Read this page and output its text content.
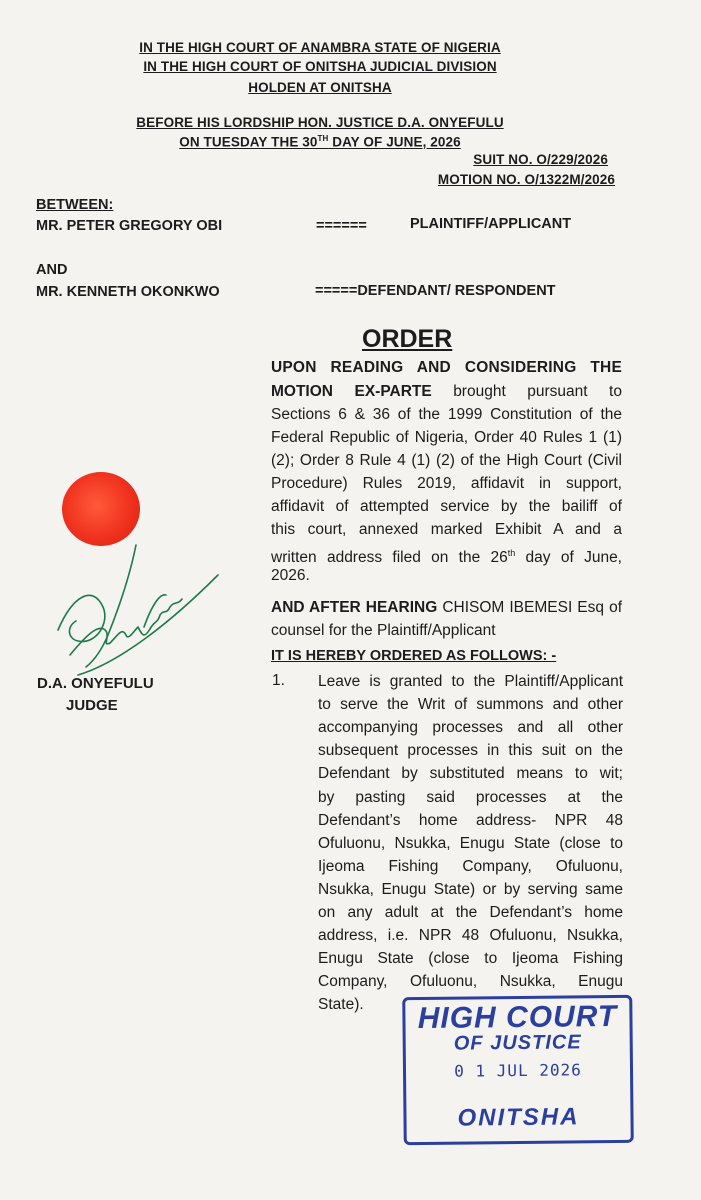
IN THE HIGH COURT OF ANAMBRA STATE OF NIGERIA
IN THE HIGH COURT OF ONITSHA JUDICIAL DIVISION
HOLDEN AT ONITSHA
BEFORE HIS LORDSHIP HON. JUSTICE D.A. ONYEFULU
ON TUESDAY THE 30TH DAY OF JUNE, 2026
SUIT NO. O/229/2026
MOTION NO. O/1322M/2026
BETWEEN:
MR. PETER GREGORY OBI	======	PLAINTIFF/APPLICANT
AND
MR. KENNETH OKONKWO	=====DEFENDANT/ RESPONDENT
ORDER
UPON READING AND CONSIDERING THE
MOTION EX-PARTE brought pursuant to
Sections 6 & 36 of the 1999 Constitution of the
Federal Republic of Nigeria, Order 40 Rules 1 (1)
(2); Order 8 Rule 4 (1) (2) of the High Court (Civil
Procedure) Rules 2019, affidavit in support,
affidavit of attempted service by the bailiff of
this court, annexed marked Exhibit A and a
written address filed on the 26th day of June,
2026.
AND AFTER HEARING CHISOM IBEMESI Esq of
counsel for the Plaintiff/Applicant
IT IS HEREBY ORDERED AS FOLLOWS: -
1. Leave is granted to the Plaintiff/Applicant
to serve the Writ of summons and other
accompanying processes and all other
subsequent processes in this suit on the
Defendant by substituted means to wit;
by pasting said processes at the
Defendant’s home address- NPR 48
Ofuluonu, Nsukka, Enugu State (close to
Ijeoma Fishing Company, Ofuluonu,
Nsukka, Enugu State) or by serving same
on any adult at the Defendant’s home
address, i.e. NPR 48 Ofuluonu, Nsukka,
Enugu State (close to Ijeoma Fishing
Company, Ofuluonu, Nsukka, Enugu
State).
D.A. ONYEFULU
JUDGE
HIGH COURT
OF JUSTICE
0 1 JUL 2026
ONITSHA
